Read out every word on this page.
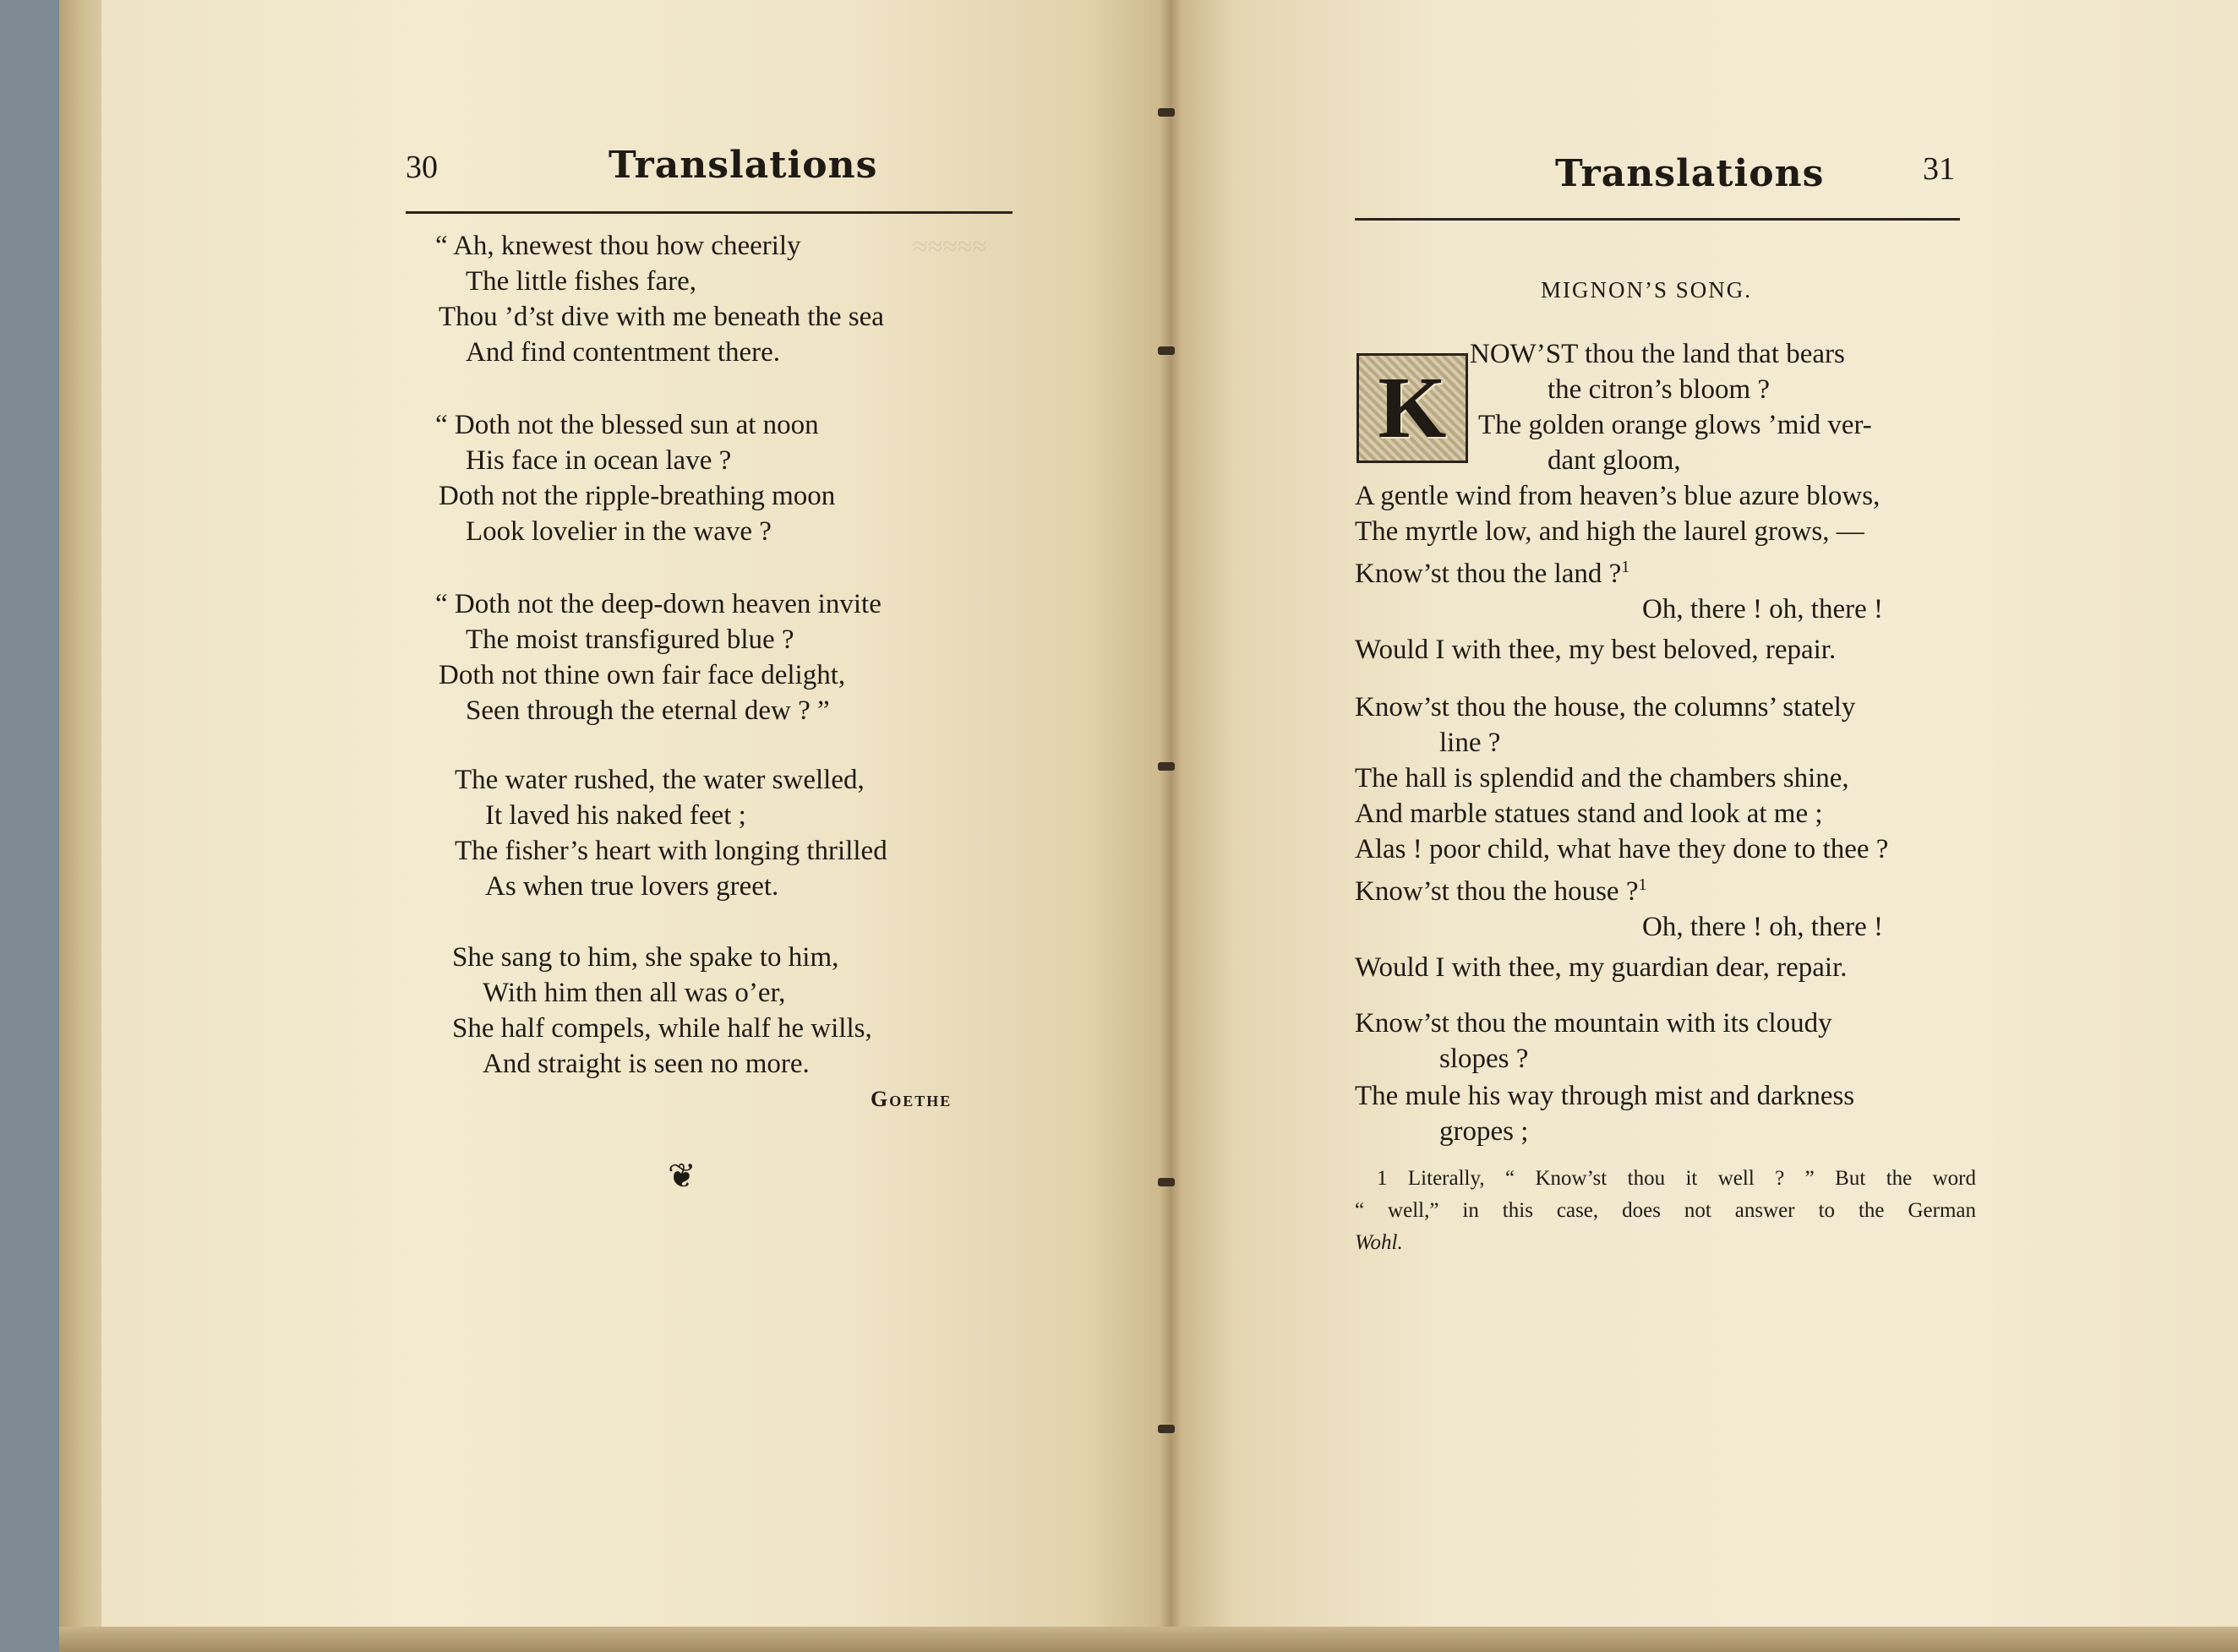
≈≈≈≈≈
30	Translations
“ Ah, knewest thou how cheerily
The little fishes fare,
Thou ’d’st dive with me beneath the sea
And find contentment there.
“ Doth not the blessed sun at noon
His face in ocean lave ?
Doth not the ripple-breathing moon
Look lovelier in the wave ?
“ Doth not the deep-down heaven invite
The moist transfigured blue ?
Doth not thine own fair face delight,
Seen through the eternal dew ? ”
The water rushed, the water swelled,
It laved his naked feet ;
The fisher’s heart with longing thrilled
As when true lovers greet.
She sang to him, she spake to him,
With him then all was o’er,
She half compels, while half he wills,
And straight is seen no more.
Goethe
❦
Translations	31
MIGNON’S SONG.
K
NOW’ST thou the land that bears
the citron’s bloom ?
The golden orange glows ’mid ver-
dant gloom,
A gentle wind from heaven’s blue azure blows,
The myrtle low, and high the laurel grows, —
Know’st thou the land ?$^1$
Oh, there ! oh, there !
Would I with thee, my best beloved, repair.
Know’st thou the house, the columns’ stately
line ?
The hall is splendid and the chambers shine,
And marble statues stand and look at me ;
Alas ! poor child, what have they done to thee ?
Know’st thou the house ?$^1$
Oh, there ! oh, there !
Would I with thee, my guardian dear, repair.
Know’st thou the mountain with its cloudy
slopes ?
The mule his way through mist and darkness
gropes ;
1 Literally, “ Know’st thou it well ? ” But the word
“ well,” in this case, does not answer to the German
Wohl.
